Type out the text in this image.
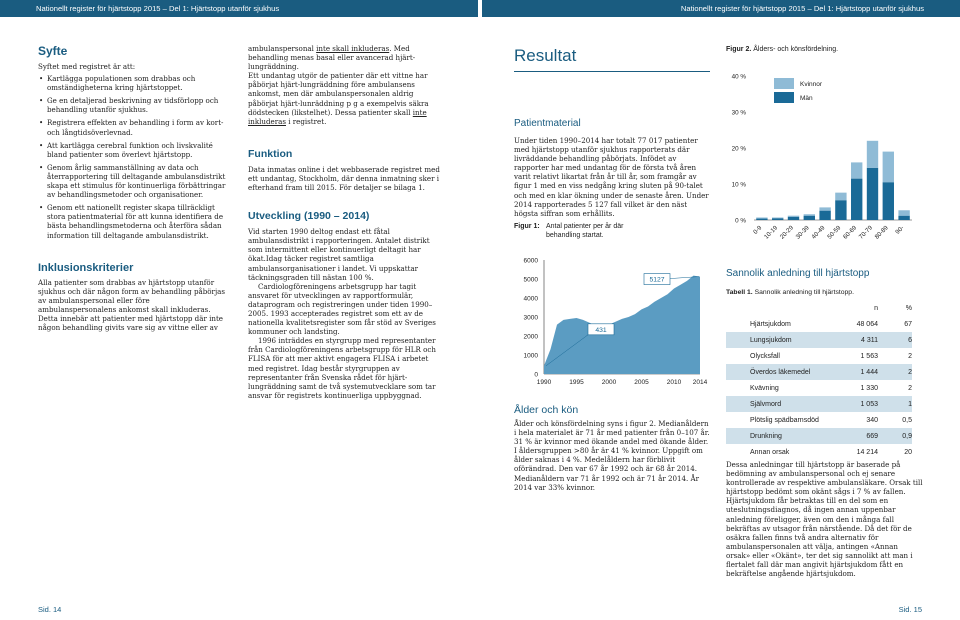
Nationellt register för hjärtstopp 2015 – Del 1: Hjärtstopp utanför sjukhus	Nationellt register för hjärtstopp 2015 – Del 1: Hjärtstopp utanför sjukhus
Syfte

Syftet med registret är att:

• Kartlägga populationen som drabbas och omständigheterna kring hjärtstoppet.
• Ge en detaljerad beskrivning av tidsförlopp och behandling utanför sjukhus.
• Registrera effekten av behandling i form av kort- och långtidsöverlevnad.
• Att kartlägga cerebral funktion och livskvalité bland patienter som överlevt hjärtstopp.
• Genom årlig sammanställning av data och återrapportering till deltagande ambulansdistrikt skapa ett stimulus för kontinuerliga förbättringar av behandlingsmetoder och organisationer.
• Genom ett nationellt register skapa tillräckligt stora patientmaterial för att kunna identifiera de bästa behandlingsmetoderna och återföra sådan information till deltagande ambulansdistrikt.
Inklusionskriterier

Alla patienter som drabbas av hjärtstopp utanför sjukhus och där någon form av behandling påbörjas av ambulanspersonal eller före ambulanspersonalens ankomst skall inkluderas. Detta innebär att patienter med hjärtstopp där inte någon behandling givits vare sig av vittne eller av

ambulanspersonal inte skall inkluderas. Med behandling menas basal eller avancerad hjärt-lungräddning.

Ett undantag utgör de patienter där ett vittne har påbörjat hjärt-lungräddning före ambulansens ankomst, men där ambulanspersonalen aldrig påbörjat hjärt-lunräddning p g a exempelvis säkra dödstecken (likstelhet). Dessa patienter skall inte inkluderas i registret.

Funktion

Data inmatas online i det webbaserade registret med ett undantag, Stockholm, där denna inmatning sker i efterhand fram till 2015. För detaljer se bilaga 1.

Utveckling (1990 – 2014)

Vid starten 1990 deltog endast ett fåtal ambulansdistrikt i rapporteringen. Antalet distrikt som intermittent eller kontinuerligt deltagit har ökat.Idag täcker registret samtliga ambulansorganisationer i landet. Vi uppskattar täckningsgraden till nästan 100 %.

Cardiologföreningens arbetsgrupp har tagit ansvaret för utvecklingen av rapportformulär, dataprogram och registreringen under tiden 1990–2005. 1993 accepterades registret som ett av de nationella kvalitetsregister som får stöd av Sveriges kommuner och landsting.

1996 inträddes en styrgrupp med representanter från Cardiologföreningens arbetsgrupp för HLR och FLISA för att mer aktivt engagera FLISA i arbetet med registret. Idag består styrgruppen av representanter från Svenska rådet för hjärt-lungräddning samt de två systemutvecklare som tar ansvar för registrets kontinuerliga uppbyggnad.

Resultat
Patientmaterial

Under tiden 1990–2014 har totalt 77 017 patienter med hjärtstopp utanför sjukhus rapporterats där livräddande behandling påbörjats. Infödet av rapporter har med undantag för de första två åren varit relativt likartat från år till år, som framgår av figur 1 med en viss nedgång kring sluten på 90-talet och med en klar ökning under de senaste åren. Under 2014 rapporterades 5 127 fall vilket är den näst högsta siffran som erhållits.

Figur 1: Antal patienter per år där behandling startat.
0
1000
2000
3000
4000
5000
6000
1990	1995	2000	2005	2010 2014
431
5127
Ålder och kön

Ålder och könsfördelning syns i figur 2. Medianåldern i hela materialet är 71 år med patienter från 0–107 år. 31 % är kvinnor med ökande andel med ökande ålder. I åldersgruppen >80 år är 41 % kvinnor. Uppgift om ålder saknas i 4 %. Medelåldern har förblivit oförändrad. Den var 67 år 1992 och är 68 år 2014. Medianåldern var 71 år 1992 och är 71 år 2014. År 2014 var 33% kvinnor.

Figur 2. Ålders- och könsfördelning.
0 %
10 %
20 %
30 %
40 %
0-9 10-19 20-29 30-39 40-49 50-59 60-69 70-79 80-89 90-
Kvinnor
Män
Sannolik anledning till hjärtstopp
Tabell 1. Sannolik anledning till hjärtstopp.
	n	%
Hjärtsjukdom	48 064	67
Lungsjukdom	4 311	6
Olycksfall	1 563	2
Överdos läkemedel	1 444	2
Kvävning	1 330	2
Självmord	1 053	1
Plötslig spädbarnsdöd	340	0,5
Drunkning	669	0,9
Annan orsak	14 214	20

Dessa anledningar till hjärtstopp är baserade på bedömning av ambulanspersonal och ej senare kontrollerade av respektive ambulansläkare. Orsak till hjärtstopp bedömt som okänt sågs i 7 % av fallen. Hjärtsjukdom får betraktas till en del som en uteslutningsdiagnos, då ingen annan uppenbar anledning föreligger, även om den i många fall bekräftas av utsagor från närstående. Då det för de osäkra fallen finns två andra alternativ för ambulanspersonalen att välja, antingen «Annan orsak» eller «Okänt», ter det sig sannolikt att man i flertalet fall där man angivit hjärtsjukdom fått en bekräftelse angående hjärtsjukdom.

Sid. 14	Sid. 15
